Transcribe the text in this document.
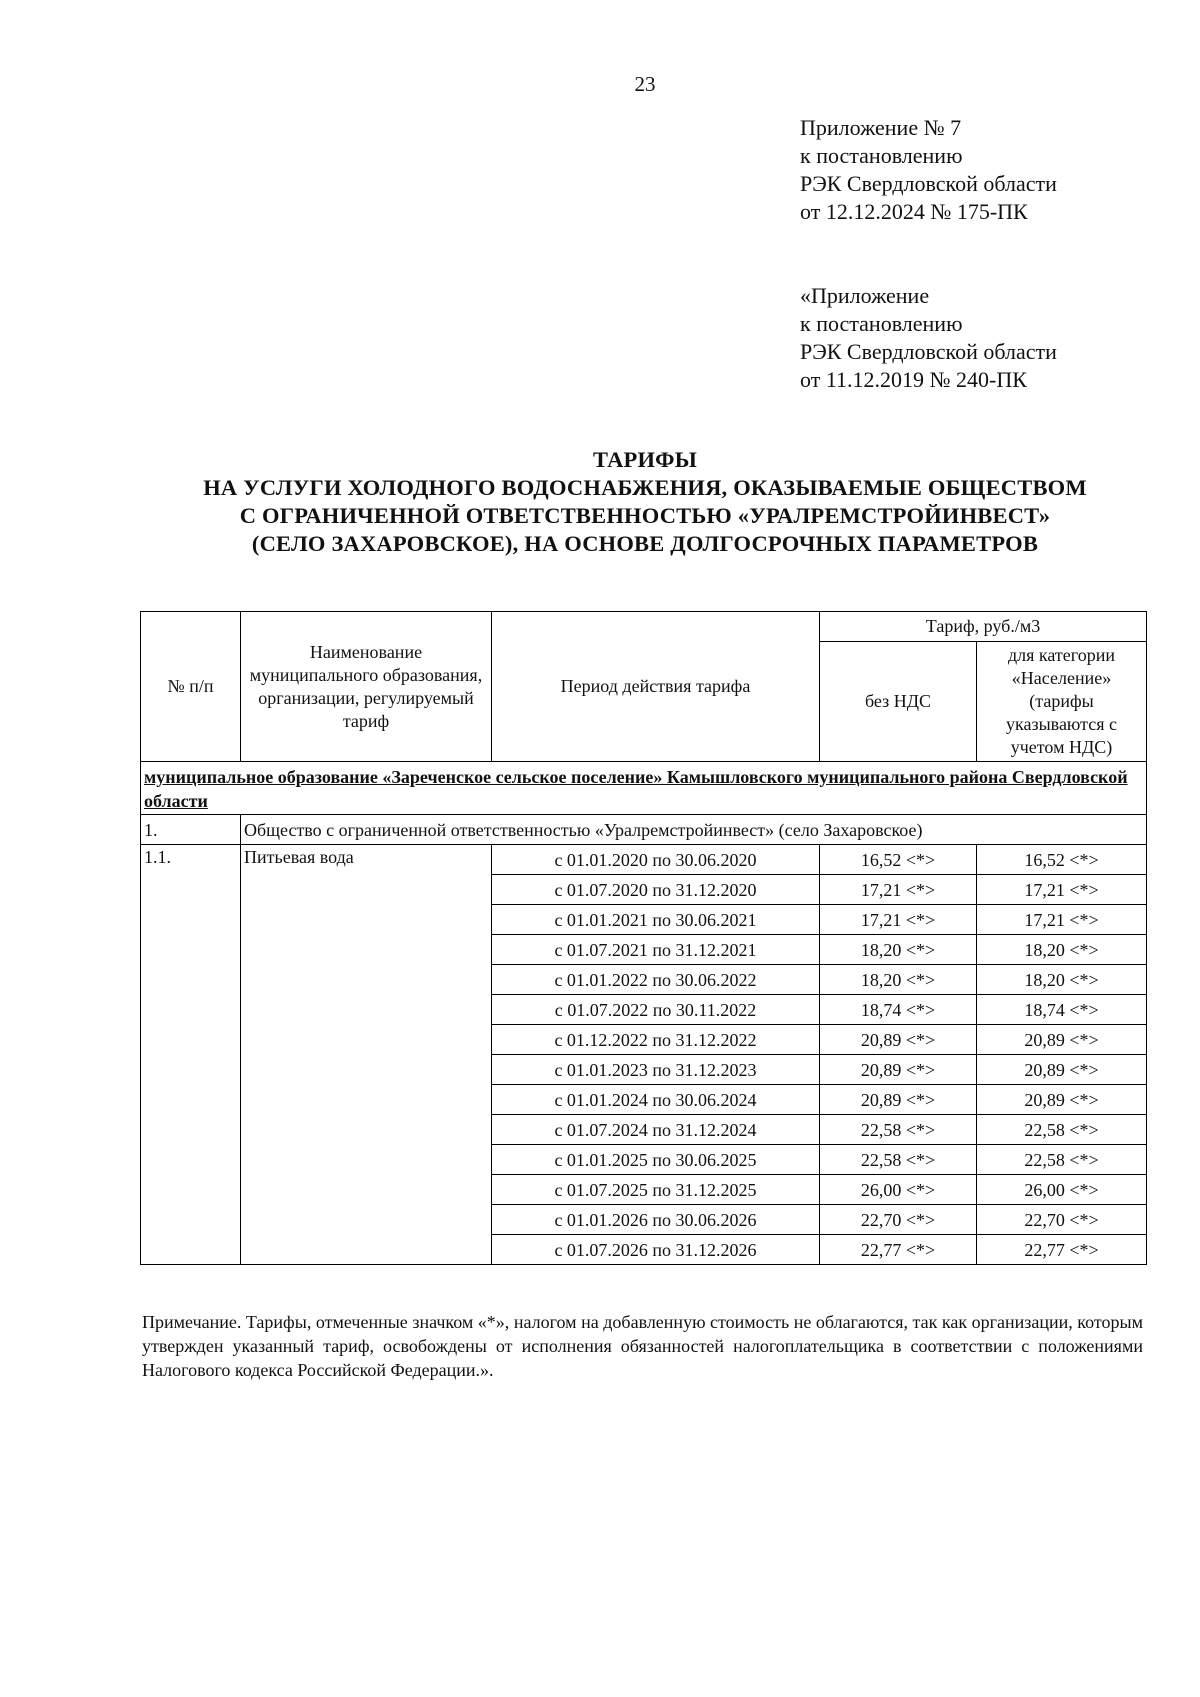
23
Приложение № 7
к постановлению
РЭК Свердловской области
от 12.12.2024 № 175-ПК
«Приложение
к постановлению
РЭК Свердловской области
от 11.12.2019 № 240-ПК
ТАРИФЫ
НА УСЛУГИ ХОЛОДНОГО ВОДОСНАБЖЕНИЯ, ОКАЗЫВАЕМЫЕ ОБЩЕСТВОМ
С ОГРАНИЧЕННОЙ ОТВЕТСТВЕННОСТЬЮ «УРАЛРЕМСТРОЙИНВЕСТ»
(СЕЛО ЗАХАРОВСКОЕ), НА ОСНОВЕ ДОЛГОСРОЧНЫХ ПАРАМЕТРОВ
№ п/п	Наименование муниципального образования, организации, регулируемый тариф	Период действия тарифа	Тариф, руб./м3	
			без НДС	для категории «Население» (тарифы указываются с учетом НДС)
муниципальное образование «Зареченское сельское поселение» Камышловского муниципального района Свердловской области				
1.	Общество с ограниченной ответственностью «Уралремстройинвест» (село Захаровское)			
1.1.	Питьевая вода	с 01.01.2020 по 30.06.2020	16,52 <*>	16,52 <*>
		с 01.07.2020 по 31.12.2020	17,21 <*>	17,21 <*>
		с 01.01.2021 по 30.06.2021	17,21 <*>	17,21 <*>
		с 01.07.2021 по 31.12.2021	18,20 <*>	18,20 <*>
		с 01.01.2022 по 30.06.2022	18,20 <*>	18,20 <*>
		с 01.07.2022 по 30.11.2022	18,74 <*>	18,74 <*>
		с 01.12.2022 по 31.12.2022	20,89 <*>	20,89 <*>
		с 01.01.2023 по 31.12.2023	20,89 <*>	20,89 <*>
		с 01.01.2024 по 30.06.2024	20,89 <*>	20,89 <*>
		с 01.07.2024 по 31.12.2024	22,58 <*>	22,58 <*>
		с 01.01.2025 по 30.06.2025	22,58 <*>	22,58 <*>
		с 01.07.2025 по 31.12.2025	26,00 <*>	26,00 <*>
		с 01.01.2026 по 30.06.2026	22,70 <*>	22,70 <*>
		с 01.07.2026 по 31.12.2026	22,77 <*>	22,77 <*>
Примечание. Тарифы, отмеченные значком «*», налогом на добавленную стоимость не облагаются, так как организации, которым утвержден указанный тариф, освобождены от исполнения обязанностей налогоплательщика в соответствии с положениями Налогового кодекса Российской Федерации.».
